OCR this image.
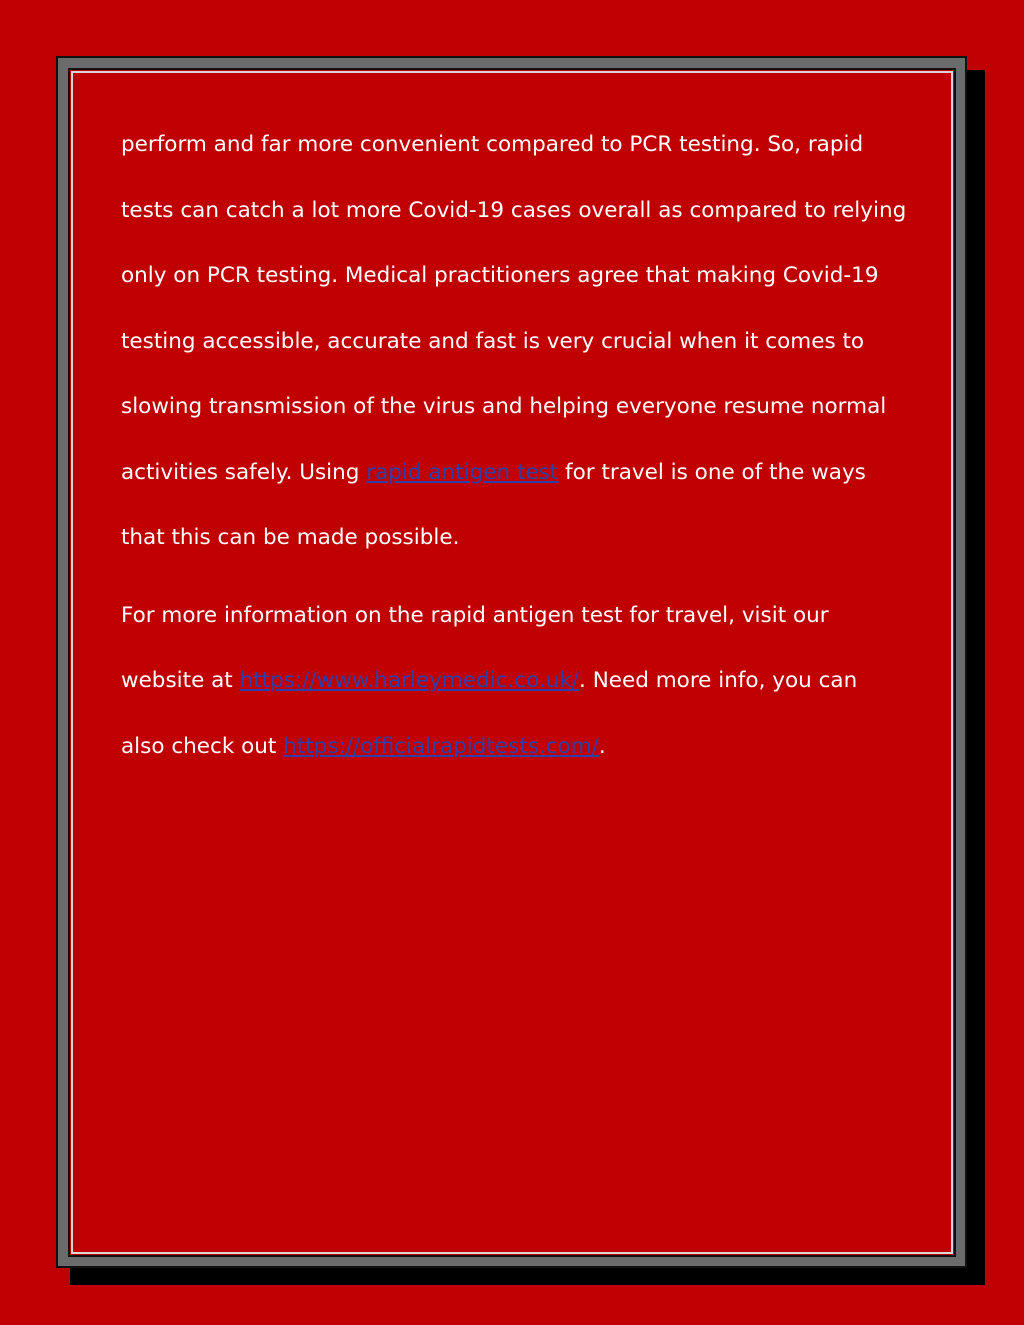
perform and far more convenient compared to PCR testing. So, rapid
tests can catch a lot more Covid-19 cases overall as compared to relying
only on PCR testing. Medical practitioners agree that making Covid-19
testing accessible, accurate and fast is very crucial when it comes to
slowing transmission of the virus and helping everyone resume normal
activities safely. Using rapid antigen test for travel is one of the ways
that this can be made possible.

For more information on the rapid antigen test for travel, visit our
website at https://www.harleymedic.co.uk/. Need more info, you can
also check out https://officialrapidtests.com/.
